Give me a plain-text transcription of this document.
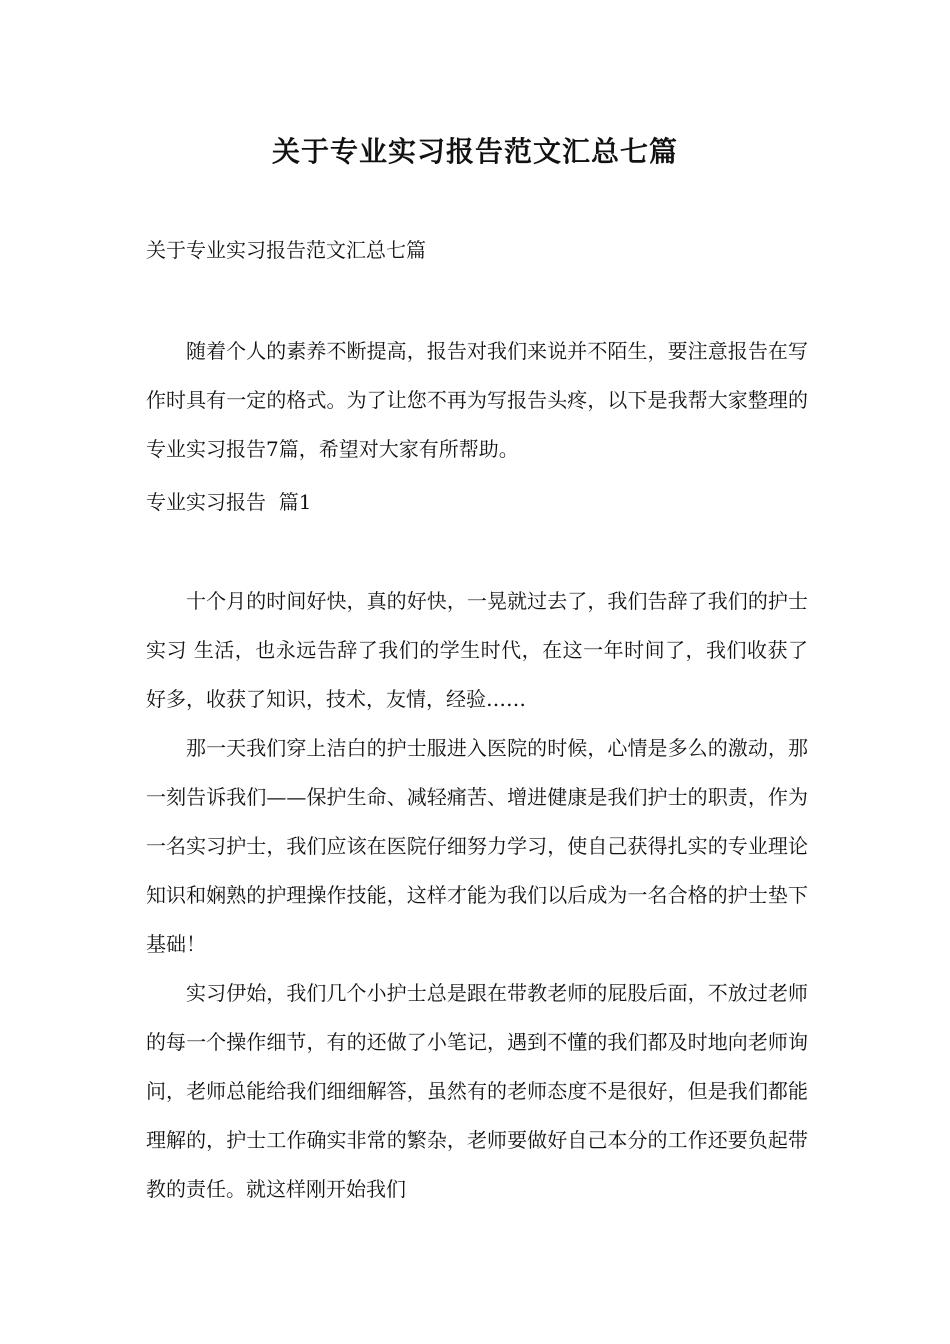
关于专业实习报告范文汇总七篇
关于专业实习报告范文汇总七篇

随着个人的素养不断提高，报告对我们来说并不陌生，要注意报告在写作时具有一定的格式。为了让您不再为写报告头疼，以下是我帮大家整理的专业实习报告7篇，希望对大家有所帮助。

专业实习报告  篇1

十个月的时间好快，真的好快，一晃就过去了，我们告辞了我们的护士实习 生活，也永远告辞了我们的学生时代，在这一年时间了，我们收获了好多，收获了知识，技术，友情，经验……

那一天我们穿上洁白的护士服进入医院的时候，心情是多么的激动，那一刻告诉我们——保护生命、减轻痛苦、增进健康是我们护士的职责，作为一名实习护士，我们应该在医院仔细努力学习，使自己获得扎实的专业理论知识和娴熟的护理操作技能，这样才能为我们以后成为一名合格的护士垫下基础！

实习伊始，我们几个小护士总是跟在带教老师的屁股后面，不放过老师的每一个操作细节，有的还做了小笔记，遇到不懂的我们都及时地向老师询问，老师总能给我们细细解答，虽然有的老师态度不是很好，但是我们都能理解的，护士工作确实非常的繁杂，老师要做好自己本分的工作还要负起带教的责任。就这样刚开始我们
